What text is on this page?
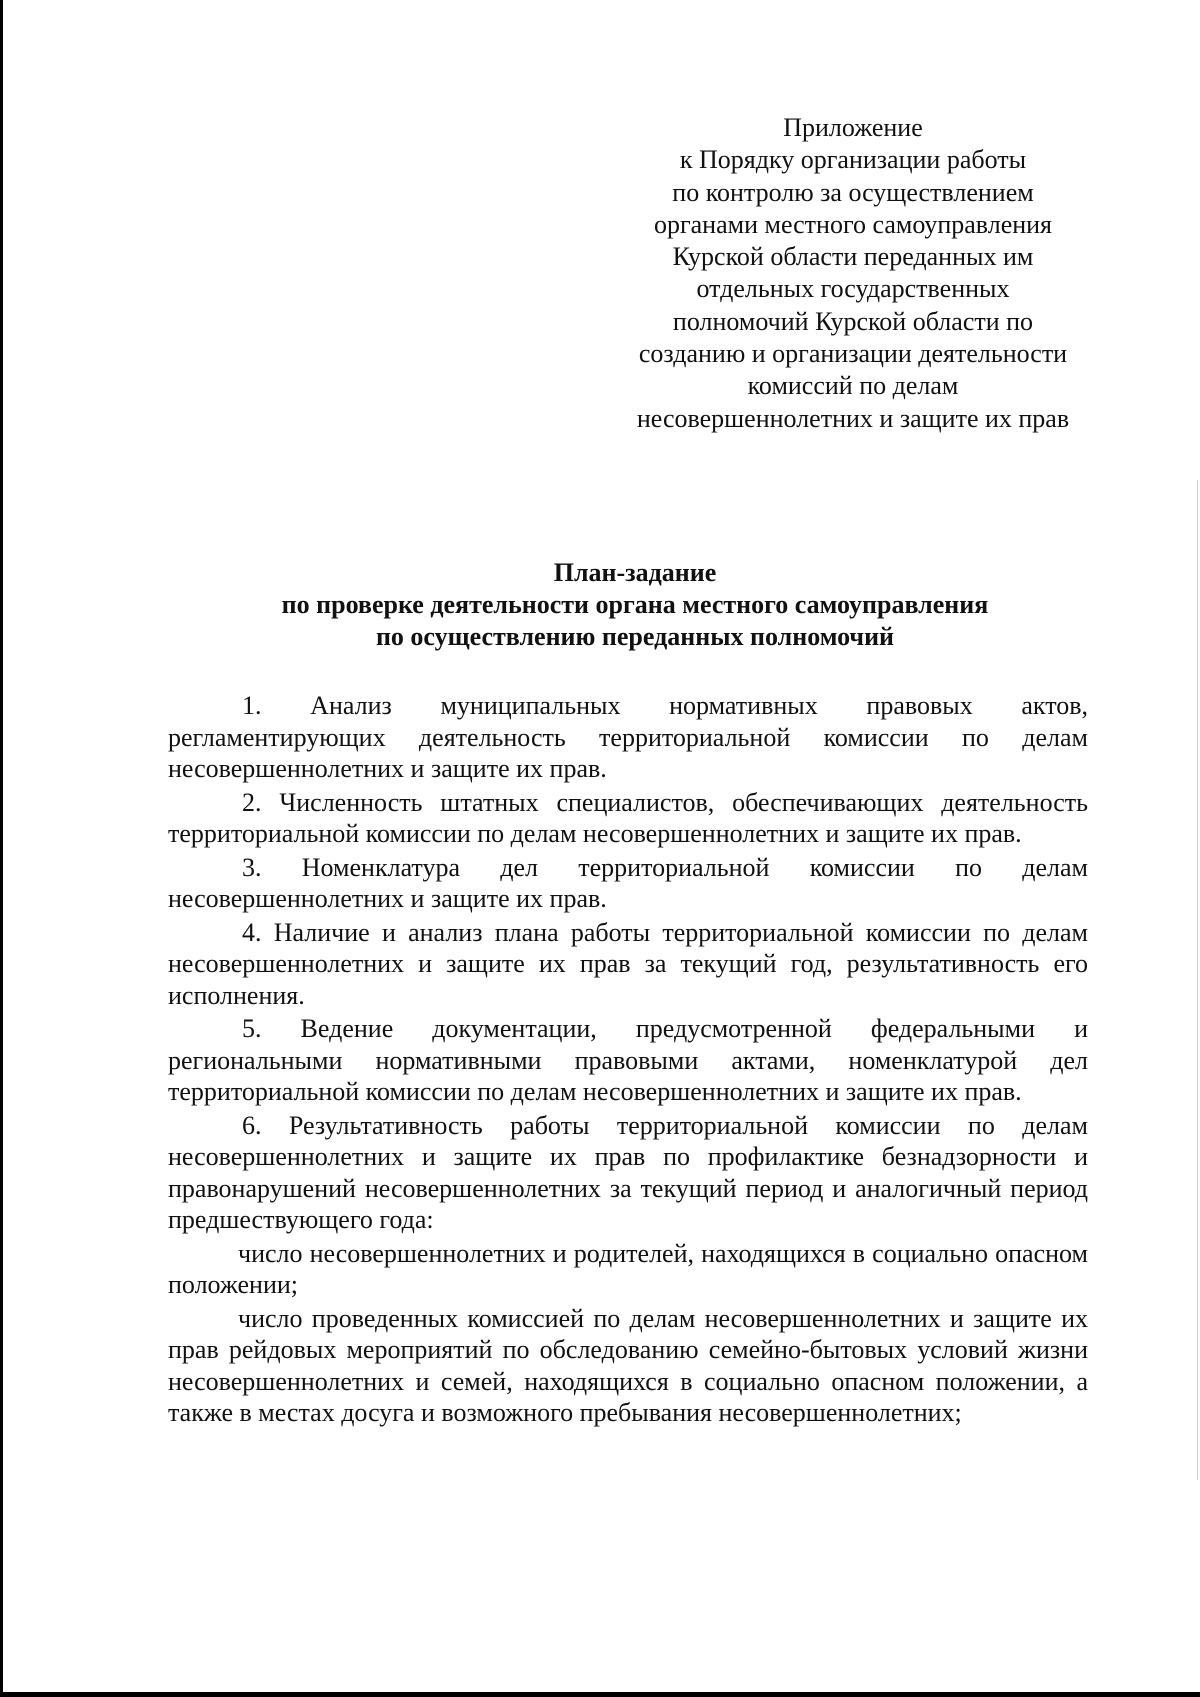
Приложение
к Порядку организации работы
по контролю за осуществлением
органами местного самоуправления
Курской области переданных им
отдельных государственных
полномочий Курской области по
созданию и организации деятельности
комиссий по делам
несовершеннолетних и защите их прав
План-задание
по проверке деятельности органа местного самоуправления
по осуществлению переданных полномочий

1. Анализ муниципальных нормативных правовых актов, регламентирующих деятельность территориальной комиссии по делам несовершеннолетних и защите их прав.

2. Численность штатных специалистов, обеспечивающих деятельность территориальной комиссии по делам несовершеннолетних и защите их прав.

3. Номенклатура дел территориальной комиссии по делам несовершеннолетних и защите их прав.

4. Наличие и анализ плана работы территориальной комиссии по делам несовершеннолетних и защите их прав за текущий год, результативность его исполнения.

5. Ведение документации, предусмотренной федеральными и региональными нормативными правовыми актами, номенклатурой дел территориальной комиссии по делам несовершеннолетних и защите их прав.

6. Результативность работы территориальной комиссии по делам несовершеннолетних и защите их прав по профилактике безнадзорности и правонарушений несовершеннолетних за текущий период и аналогичный период предшествующего года:

число несовершеннолетних и родителей, находящихся в социально опасном положении;

число проведенных комиссией по делам несовершеннолетних и защите их прав рейдовых мероприятий по обследованию семейно-бытовых условий жизни несовершеннолетних и семей, находящихся в социально опасном положении, а также в местах досуга и возможного пребывания несовершеннолетних;
